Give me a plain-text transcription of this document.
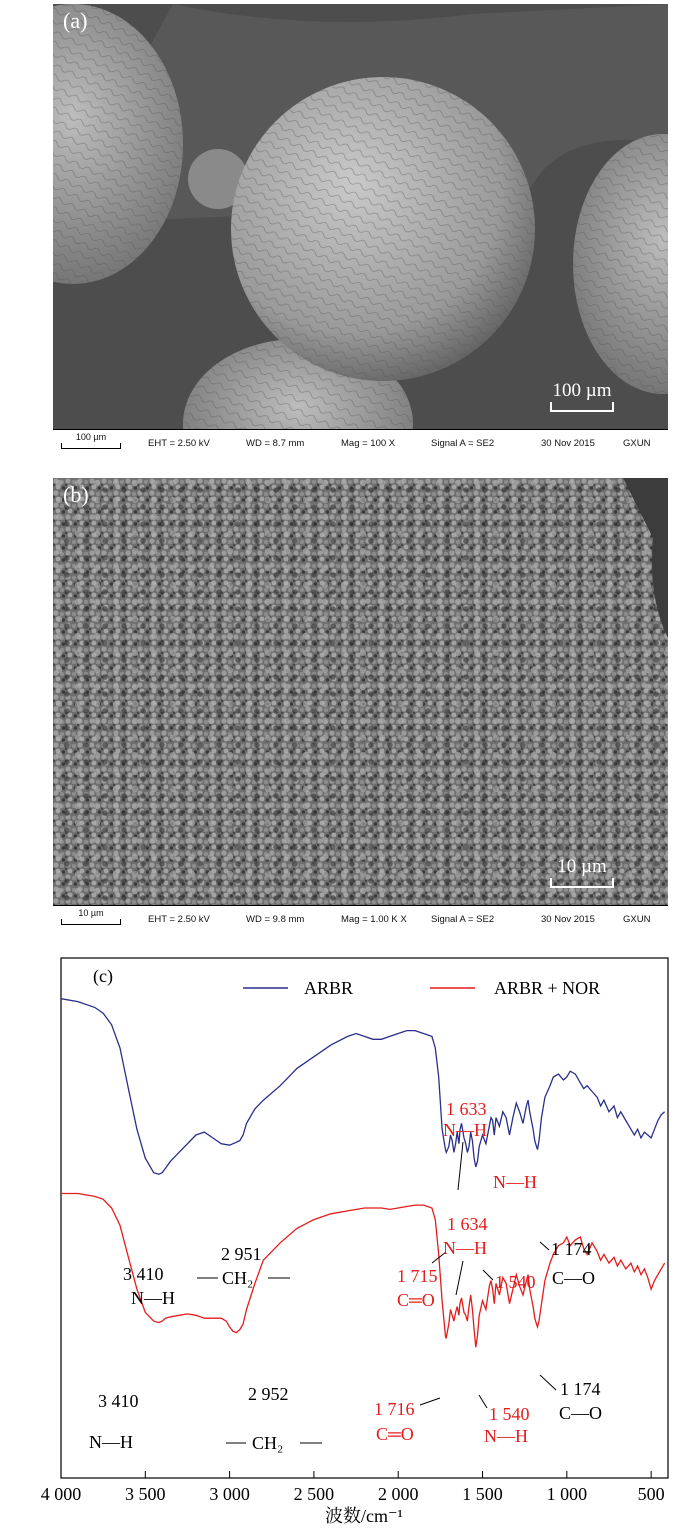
(a)
100 µm
100 µm
EHT = 2.50 kV	WD = 8.7 mm	Mag = 100 X	Signal A = SE2	30 Nov 2015	GXUN
(b)
10 µm
10 µm
EHT = 2.50 kV	WD = 9.8 mm	Mag = 1.00 K X	Signal A = SE2	30 Nov 2015	GXUN
(c)
ARBR	ARBR + NOR
4 000 3 500 3 000 2 500 2 000 1 500 1 000	500
3 410
N—H
2 951
CH₂
1 633
N—H
1 715
C═O
1 540
1 174
C—O
3 410
N—H
2 952
CH₂
N—H
1 634
N—H
1 716
C═O
1 540
N—H
1 174
C—O
波数/cm⁻¹
